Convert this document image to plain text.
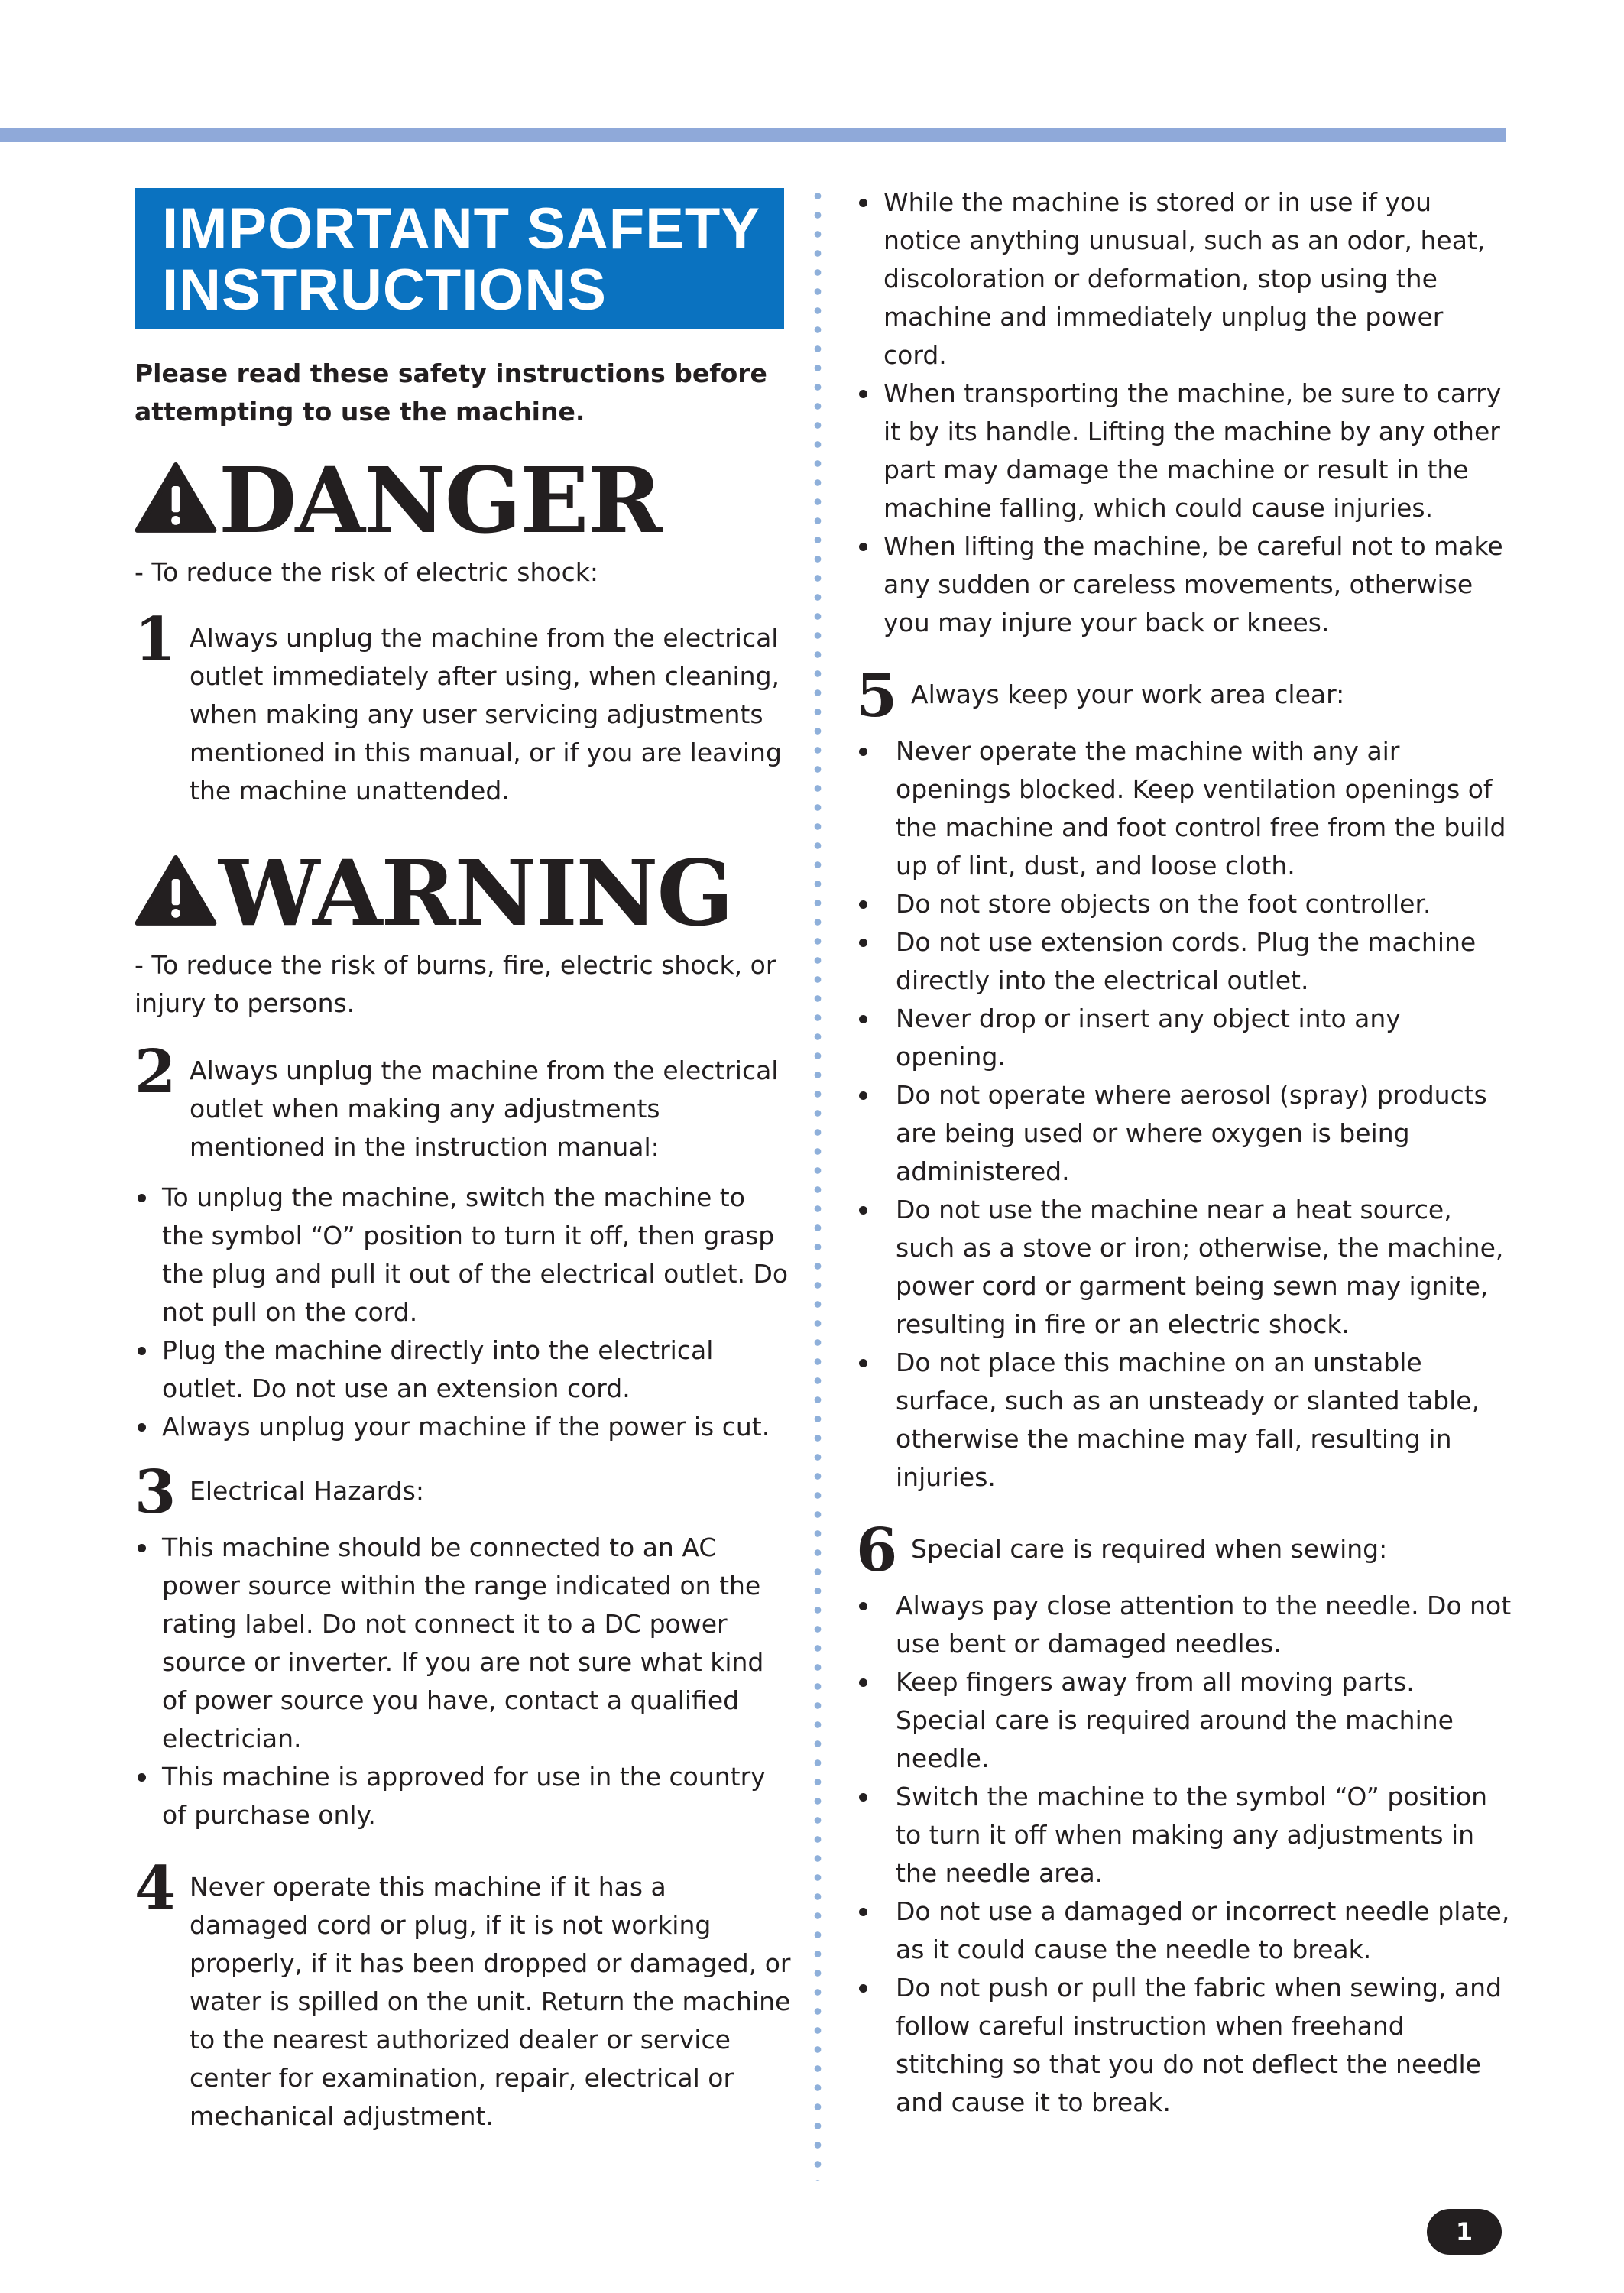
IMPORTANT SAFETY
INSTRUCTIONS
Please read these safety instructions before attempting to use the machine.
DANGER
- To reduce the risk of electric shock:
1 Always unplug the machine from the electrical outlet immediately after using, when cleaning, when making any user servicing adjustments mentioned in this manual, or if you are leaving the machine unattended.
WARNING
- To reduce the risk of burns, fire, electric shock, or injury to persons.
2 Always unplug the machine from the electrical outlet when making any adjustments mentioned in the instruction manual:
To unplug the machine, switch the machine to the symbol “O” position to turn it off, then grasp the plug and pull it out of the electrical outlet. Do not pull on the cord.
Plug the machine directly into the electrical outlet. Do not use an extension cord.
Always unplug your machine if the power is cut.
3 Electrical Hazards:
This machine should be connected to an AC power source within the range indicated on the rating label. Do not connect it to a DC power source or inverter. If you are not sure what kind of power source you have, contact a qualified electrician.
This machine is approved for use in the country of purchase only.
4 Never operate this machine if it has a damaged cord or plug, if it is not working properly, if it has been dropped or damaged, or water is spilled on the unit. Return the machine to the nearest authorized dealer or service center for examination, repair, electrical or mechanical adjustment.
While the machine is stored or in use if you notice anything unusual, such as an odor, heat, discoloration or deformation, stop using the machine and immediately unplug the power cord.
When transporting the machine, be sure to carry it by its handle. Lifting the machine by any other part may damage the machine or result in the machine falling, which could cause injuries.
When lifting the machine, be careful not to make any sudden or careless movements, otherwise you may injure your back or knees.
5 Always keep your work area clear:
Never operate the machine with any air openings blocked. Keep ventilation openings of the machine and foot control free from the build up of lint, dust, and loose cloth.
Do not store objects on the foot controller.
Do not use extension cords. Plug the machine directly into the electrical outlet.
Never drop or insert any object into any opening.
Do not operate where aerosol (spray) products are being used or where oxygen is being administered.
Do not use the machine near a heat source, such as a stove or iron; otherwise, the machine, power cord or garment being sewn may ignite, resulting in fire or an electric shock.
Do not place this machine on an unstable surface, such as an unsteady or slanted table, otherwise the machine may fall, resulting in injuries.
6 Special care is required when sewing:
Always pay close attention to the needle. Do not use bent or damaged needles.
Keep fingers away from all moving parts. Special care is required around the machine needle.
Switch the machine to the symbol “O” position to turn it off when making any adjustments in the needle area.
Do not use a damaged or incorrect needle plate, as it could cause the needle to break.
Do not push or pull the fabric when sewing, and follow careful instruction when freehand stitching so that you do not deflect the needle and cause it to break.
1
